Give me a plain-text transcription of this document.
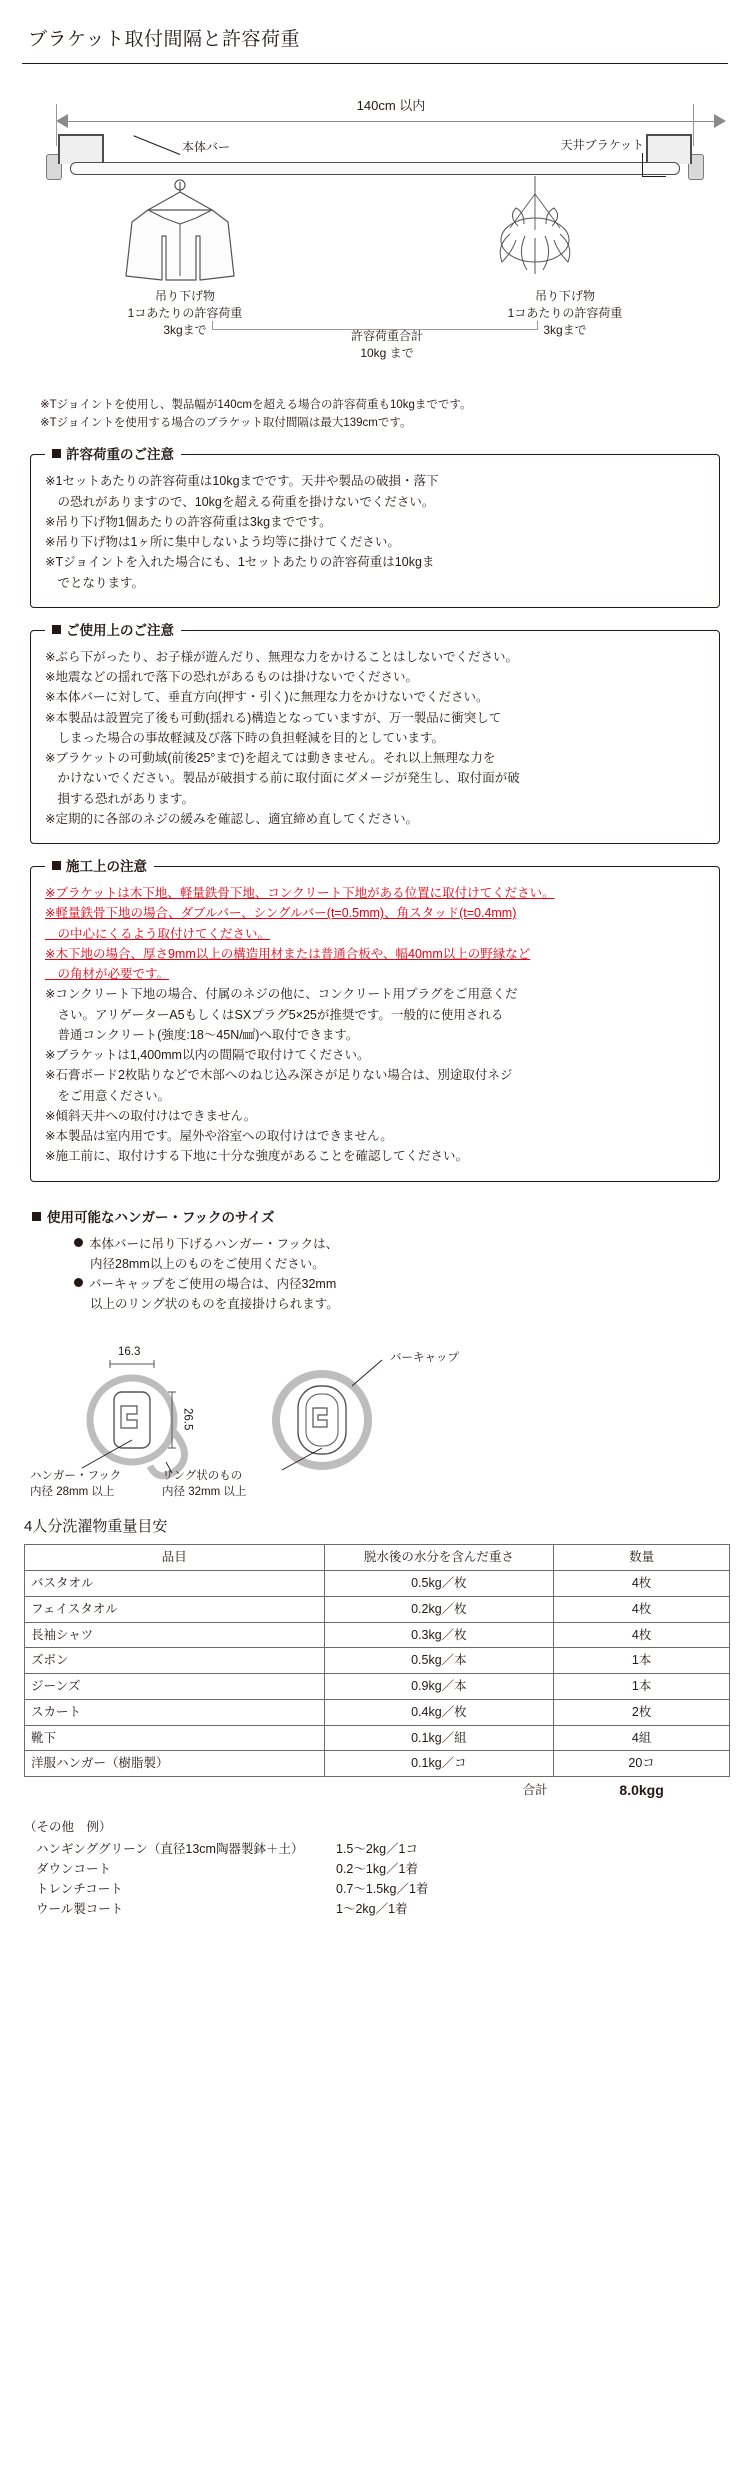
ブラケット取付間隔と許容荷重
140cm 以内
本体バー	天井ブラケット
吊り下げ物
1コあたりの許容荷重
3kgまで
吊り下げ物
1コあたりの許容荷重
3kgまで
許容荷重合計
10kg まで
※Tジョイントを使用し、製品幅が140cmを超える場合の許容荷重も10kgまでです。
※Tジョイントを使用する場合のブラケット取付間隔は最大139cmです。
許容荷重のご注意
※1セットあたりの許容荷重は10kgまでです。天井や製品の破損・落下
　の恐れがありますので、10kgを超える荷重を掛けないでください。
※吊り下げ物1個あたりの許容荷重は3kgまでです。
※吊り下げ物は1ヶ所に集中しないよう均等に掛けてください。
※Tジョイントを入れた場合にも、1セットあたりの許容荷重は10kgま
　でとなります。
ご使用上のご注意
※ぶら下がったり、お子様が遊んだり、無理な力をかけることはしないでください。
※地震などの揺れで落下の恐れがあるものは掛けないでください。
※本体バーに対して、垂直方向(押す・引く)に無理な力をかけないでください。
※本製品は設置完了後も可動(揺れる)構造となっていますが、万一製品に衝突して
　しまった場合の事故軽減及び落下時の負担軽減を目的としています。
※ブラケットの可動域(前後25°まで)を超えては動きません。それ以上無理な力を
　かけないでください。製品が破損する前に取付面にダメージが発生し、取付面が破
　損する恐れがあります。
※定期的に各部のネジの緩みを確認し、適宜締め直してください。
施工上の注意
※ブラケットは木下地、軽量鉄骨下地、コンクリート下地がある位置に取付けてください。
※軽量鉄骨下地の場合、ダブルバー、シングルバー(t=0.5mm)、角スタッド(t=0.4mm)
　の中心にくるよう取付けてください。
※木下地の場合、厚さ9mm以上の構造用材または普通合板や、幅40mm以上の野縁など
　の角材が必要です。
※コンクリート下地の場合、付属のネジの他に、コンクリート用プラグをご用意くだ
　さい。アリゲーターA5もしくはSXプラグ5×25が推奨です。一般的に使用される
　普通コンクリート(強度:18〜45N/㎟)へ取付できます。
※ブラケットは1,400mm以内の間隔で取付けてください。
※石膏ボード2枚貼りなどで木部へのねじ込み深さが足りない場合は、別途取付ネジ
　をご用意ください。
※傾斜天井への取付けはできません。
※本製品は室内用です。屋外や浴室への取付けはできません。
※施工前に、取付けする下地に十分な強度があることを確認してください。
使用可能なハンガー・フックのサイズ
本体バーに吊り下げるハンガー・フックは、
内径28mm以上のものをご使用ください。
バーキャップをご使用の場合は、内径32mm
以上のリング状のものを直接掛けられます。
16.3
26.5
バーキャップ
ハンガー・フック
内径 28mm 以上
リング状のもの
内径 32mm 以上
4人分洗濯物重量目安
品目	脱水後の水分を含んだ重さ	数量
バスタオル	0.5kg／枚	4枚
フェイスタオル	0.2kg／枚	4枚
長袖シャツ	0.3kg／枚	4枚
ズボン	0.5kg／本	1本
ジーンズ	0.9kg／本	1本
スカート	0.4kg／枚	2枚
靴下	0.1kg／組	4組
洋服ハンガー（樹脂製）	0.1kg／コ	20コ
	合計	8.0kgg
（その他　例）
ハンギンググリーン（直径13cm陶器製鉢＋土）	1.5〜2kg／1コ
ダウンコート	0.2〜1kg／1着
トレンチコート	0.7〜1.5kg／1着
ウール製コート	1〜2kg／1着
